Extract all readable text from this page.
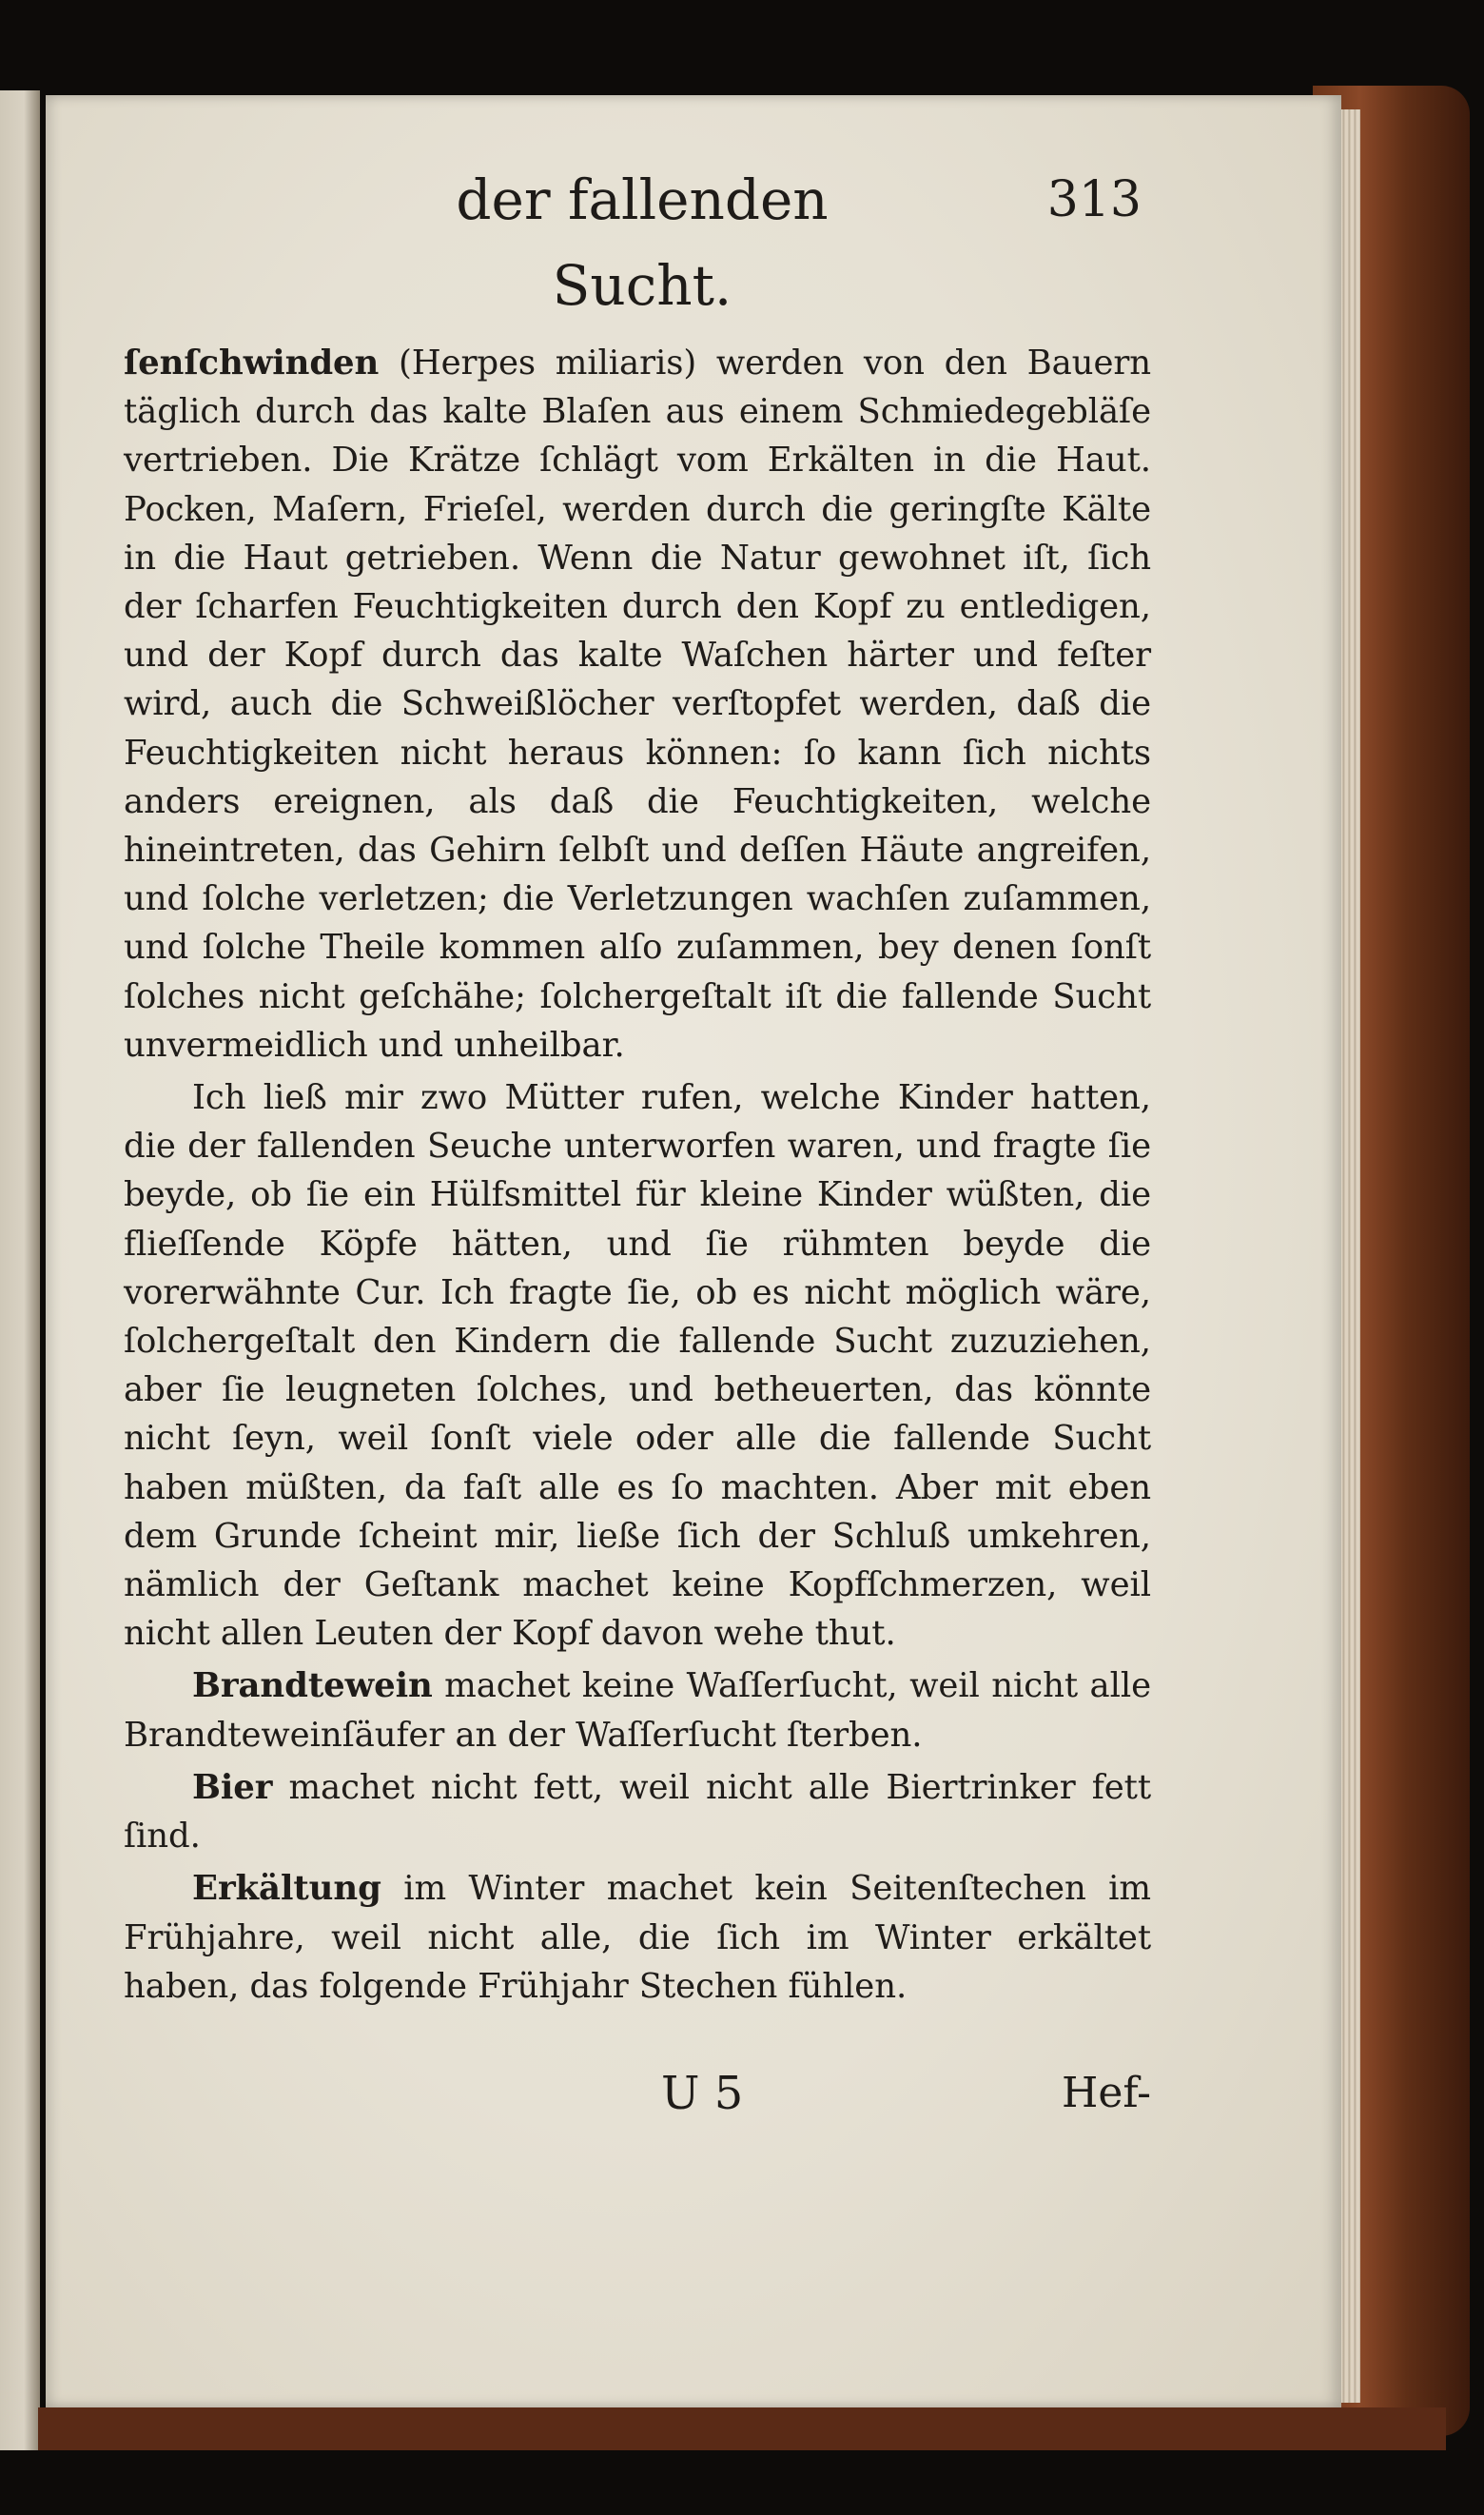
der fallenden Sucht.
313

ſenſchwinden (Herpes miliaris) werden von den Bauern täglich durch das kalte Blaſen aus einem Schmiedegebläſe vertrieben. Die Krätze ſchlägt vom Erkälten in die Haut. Pocken, Maſern, Frieſel, werden durch die geringſte Kälte in die Haut getrieben. Wenn die Natur gewohnet iſt, ſich der ſcharfen Feuchtigkeiten durch den Kopf zu entledigen, und der Kopf durch das kalte Waſchen härter und feſter wird, auch die Schweißlöcher verſtopfet werden, daß die Feuchtigkeiten nicht heraus können: ſo kann ſich nichts anders ereignen, als daß die Feuchtigkeiten, welche hineintreten, das Gehirn ſelbſt und deſſen Häute angreifen, und ſolche verletzen; die Verletzungen wachſen zuſammen, und ſolche Theile kommen alſo zuſammen, bey denen ſonſt ſolches nicht geſchähe; ſolchergeſtalt iſt die fallende Sucht unvermeidlich und unheilbar.

Ich ließ mir zwo Mütter rufen, welche Kinder hatten, die der fallenden Seuche unterworfen waren, und fragte ſie beyde, ob ſie ein Hülfsmittel für kleine Kinder wüßten, die flieſſende Köpfe hätten, und ſie rühmten beyde die vorerwähnte Cur. Ich fragte ſie, ob es nicht möglich wäre, ſolchergeſtalt den Kindern die fallende Sucht zuzuziehen, aber ſie leugneten ſolches, und betheuerten, das könnte nicht ſeyn, weil ſonſt viele oder alle die fallende Sucht haben müßten, da faſt alle es ſo machten. Aber mit eben dem Grunde ſcheint mir, ließe ſich der Schluß umkehren, nämlich der Geſtank machet keine Kopfſchmerzen, weil nicht allen Leuten der Kopf davon wehe thut.

Brandtewein machet keine Waſſerſucht, weil nicht alle Brandteweinſäufer an der Waſſerſucht ſterben.

Bier machet nicht fett, weil nicht alle Biertrinker fett ſind.

Erkältung im Winter machet kein Seitenſtechen im Frühjahre, weil nicht alle, die ſich im Winter erkältet haben, das folgende Frühjahr Stechen fühlen.

U 5	Hef-
